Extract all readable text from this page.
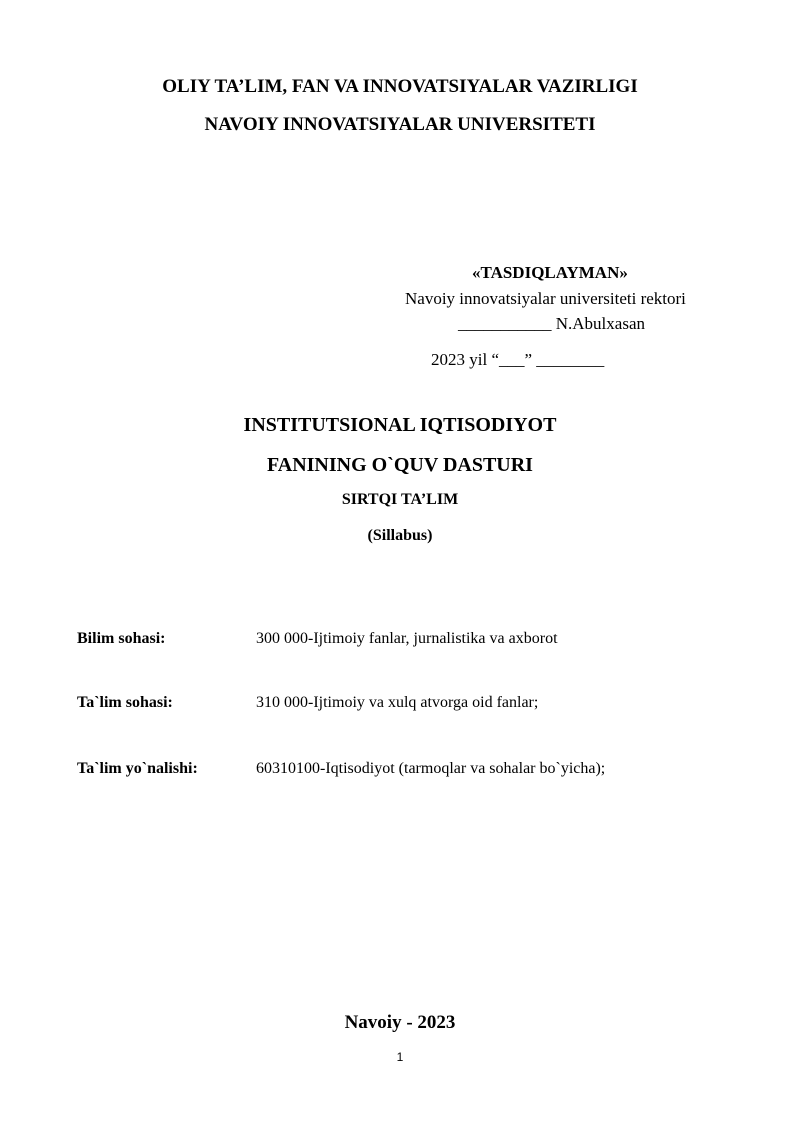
OLIY TA’LIM, FAN VA INNOVATSIYALAR VAZIRLIGI
NAVOIY INNOVATSIYALAR UNIVERSITETI
«TASDIQLAYMAN»
Navoiy innovatsiyalar universiteti rektori
___________ N.Abulxasan
2023 yil “___” ________
INSTITUTSIONAL IQTISODIYOT
FANINING O`QUV DASTURI
SIRTQI TA’LIM
(Sillabus)
Bilim sohasi:	300 000-Ijtimoiy fanlar, jurnalistika va axborot
Ta`lim sohasi:	310 000-Ijtimoiy va xulq atvorga oid fanlar;
Ta`lim yo`nalishi:	60310100-Iqtisodiyot (tarmoqlar va sohalar bo`yicha);
Navoiy - 2023
1
